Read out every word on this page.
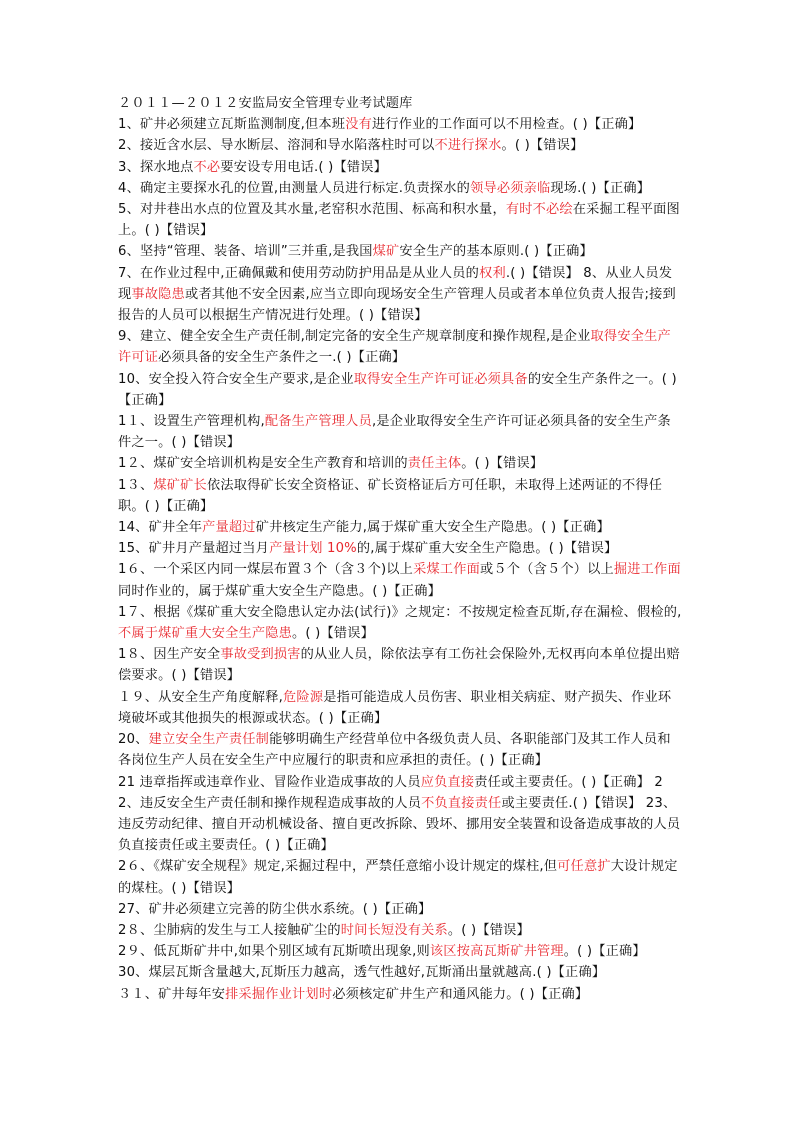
２０１１—２０１２安监局安全管理专业考试题库

1、矿井必须建立瓦斯监测制度,但本班没有进行作业的工作面可以不用检查。( )【正确】

2、接近含水层、导水断层、溶洞和导水陷落柱时可以不进行探水。( )【错误】

3、探水地点不必要安设专用电话.( )【错误】

4、确定主要探水孔的位置,由测量人员进行标定.负责探水的领导必须亲临现场.( )【正确】

5、对井巷出水点的位置及其水量,老窑积水范围、标高和积水量，有时不必绘在采掘工程平面图上。( )【错误】

6、坚持“管理、装备、培训”三并重,是我国煤矿安全生产的基本原则.( )【正确】

7、在作业过程中,正确佩戴和使用劳动防护用品是从业人员的权利.( )【错误】 8、从业人员发现事故隐患或者其他不安全因素,应当立即向现场安全生产管理人员或者本单位负责人报告;接到报告的人员可以根据生产情况进行处理。( )【错误】

9、建立、健全安全生产责任制,制定完备的安全生产规章制度和操作规程,是企业取得安全生产许可证必须具备的安全生产条件之一.( )【正确】

10、安全投入符合安全生产要求,是企业取得安全生产许可证必须具备的安全生产条件之一。( )【正确】

1１、设置生产管理机构,配备生产管理人员,是企业取得安全生产许可证必须具备的安全生产条件之一。( )【错误】

1２、煤矿安全培训机构是安全生产教育和培训的责任主体。( )【错误】

1３、煤矿矿长依法取得矿长安全资格证、矿长资格证后方可任职，未取得上述两证的不得任职。( )【正确】

14、矿井全年产量超过矿井核定生产能力,属于煤矿重大安全生产隐患。( )【正确】

15、矿井月产量超过当月产量计划 10%的,属于煤矿重大安全生产隐患。( )【错误】

1６、一个采区内同一煤层布置３个（含３个)以上采煤工作面或５个（含５个）以上掘进工作面同时作业的，属于煤矿重大安全生产隐患。( )【正确】

1７、根据《煤矿重大安全隐患认定办法(试行)》之规定：不按规定检查瓦斯,存在漏检、假检的,不属于煤矿重大安全生产隐患。( )【错误】

1８、因生产安全事故受到损害的从业人员，除依法享有工伤社会保险外,无权再向本单位提出赔偿要求。( )【错误】

１９、从安全生产角度解释,危险源是指可能造成人员伤害、职业相关病症、财产损失、作业环境破坏或其他损失的根源或状态。( )【正确】

20、建立安全生产责任制能够明确生产经营单位中各级负责人员、各职能部门及其工作人员和各岗位生产人员在安全生产中应履行的职责和应承担的责任。( )【正确】

21 违章指挥或违章作业、冒险作业造成事故的人员应负直接责任或主要责任。( )【正确】 22、违反安全生产责任制和操作规程造成事故的人员不负直接责任或主要责任.( )【错误】 23、违反劳动纪律、擅自开动机械设备、擅自更改拆除、毁坏、挪用安全装置和设备造成事故的人员负直接责任或主要责任。( )【正确】

2６、《煤矿安全规程》规定,采掘过程中，严禁任意缩小设计规定的煤柱,但可任意扩大设计规定的煤柱。( )【错误】

27、矿井必须建立完善的防尘供水系统。( )【正确】

2８、尘肺病的发生与工人接触矿尘的时间长短没有关系。( )【错误】

2９、低瓦斯矿井中,如果个别区域有瓦斯喷出现象,则该区按高瓦斯矿井管理。( )【正确】

30、煤层瓦斯含量越大,瓦斯压力越高，透气性越好,瓦斯涌出量就越高.( )【正确】

３１、矿井每年安排采掘作业计划时必须核定矿井生产和通风能力。( )【正确】
